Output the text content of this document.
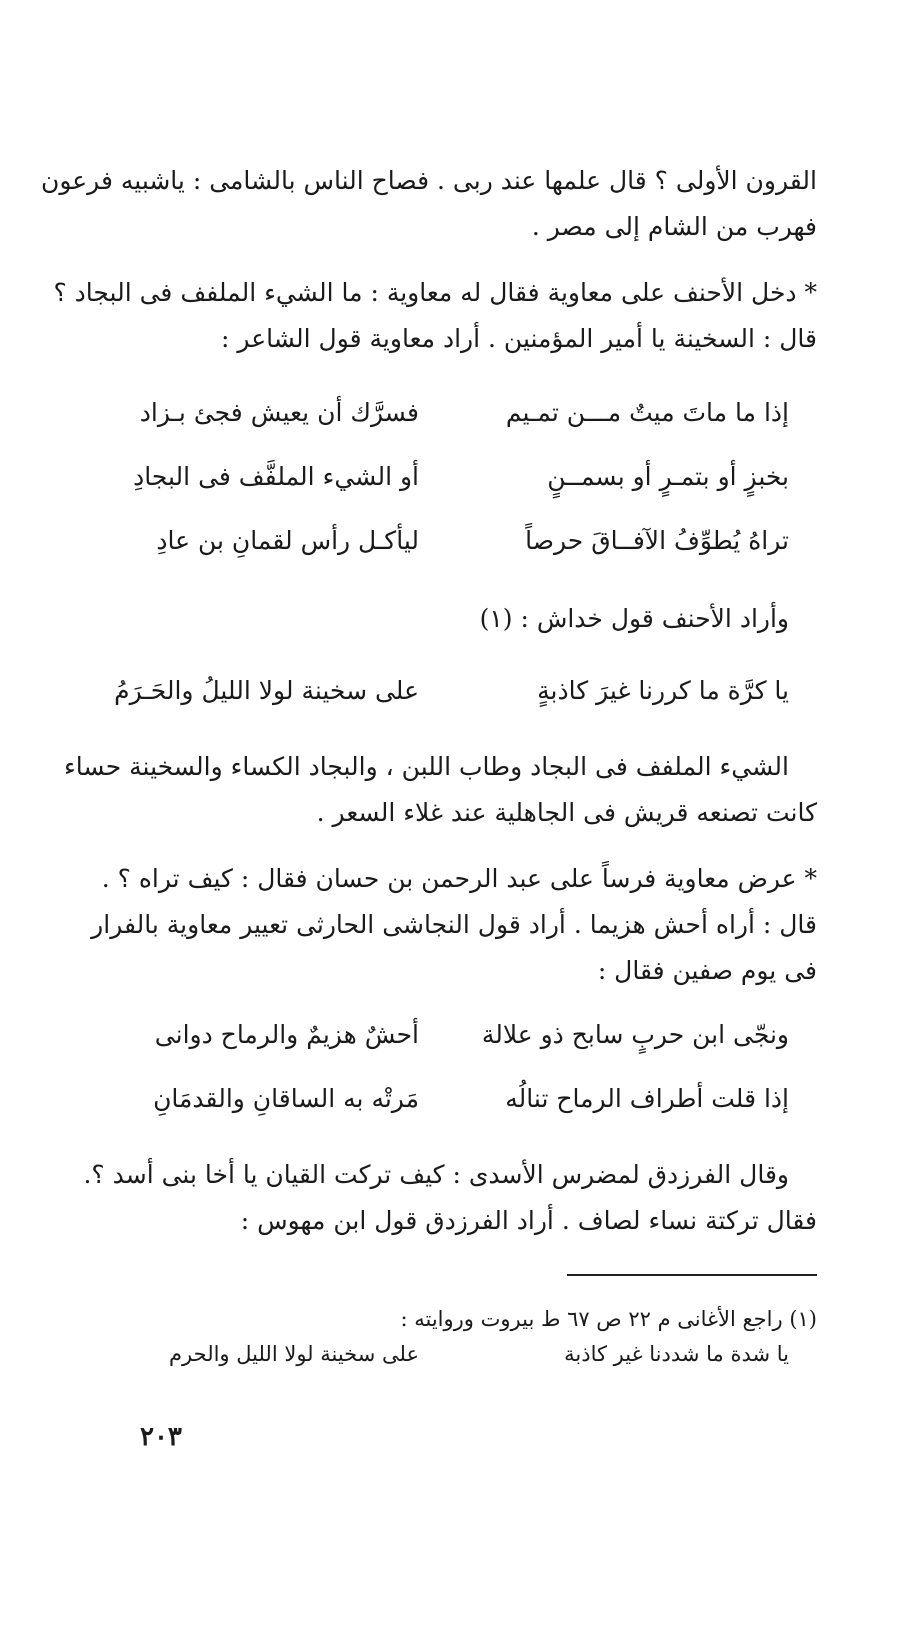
القرون الأولى ؟ قال علمها عند ربى . فصاح الناس بالشامى : ياشبيه فرعون
فهرب من الشام إلى مصر .
* دخل الأحنف على معاوية فقال له معاوية : ما الشيء الملفف فى البجاد ؟
قال : السخينة يا أمير المؤمنين . أراد معاوية قول الشاعر :
إذا ما ماتَ ميتٌ مـــن تمـيم
فسرَّك أن يعيش فجئ بـزاد
بخبزٍ أو بتمـرٍ أو بسمــنٍ
أو الشيء الملفَّف فى البجادِ
تراهُ يُطوِّفُ الآفــاقَ حرصاً
ليأكـل رأس لقمانِ بن عادِ
وأراد الأحنف قول خداش : (١)
يا كرَّة ما كررنا غيرَ كاذبةٍ
على سخينة لولا الليلُ والحَـرَمُ
الشيء الملفف فى البجاد وطاب اللبن ، والبجاد الكساء والسخينة حساء
كانت تصنعه قريش فى الجاهلية عند غلاء السعر .
* عرض معاوية فرساً على عبد الرحمن بن حسان فقال : كيف تراه ؟ .
قال : أراه أحش هزيما . أراد قول النجاشى الحارثى تعيير معاوية بالفرار
فى يوم صفين فقال :
ونجّى ابن حربٍ سابح ذو علالة
أحشٌ هزيمٌ والرماح دوانى
إذا قلت أطراف الرماح تنالُه
مَرتْه به الساقانِ والقدمَانِ
وقال الفرزدق لمضرس الأسدى : كيف تركت القيان يا أخا بنى أسد ؟.
فقال تركتة نساء لصاف . أراد الفرزدق قول ابن مهوس :
(١) راجع الأغانى م ٢٢ ص ٦٧ ط بيروت وروايته :
يا شدة ما شددنا غير كاذبة
على سخينة لولا الليل والحرم
٢٠٣
